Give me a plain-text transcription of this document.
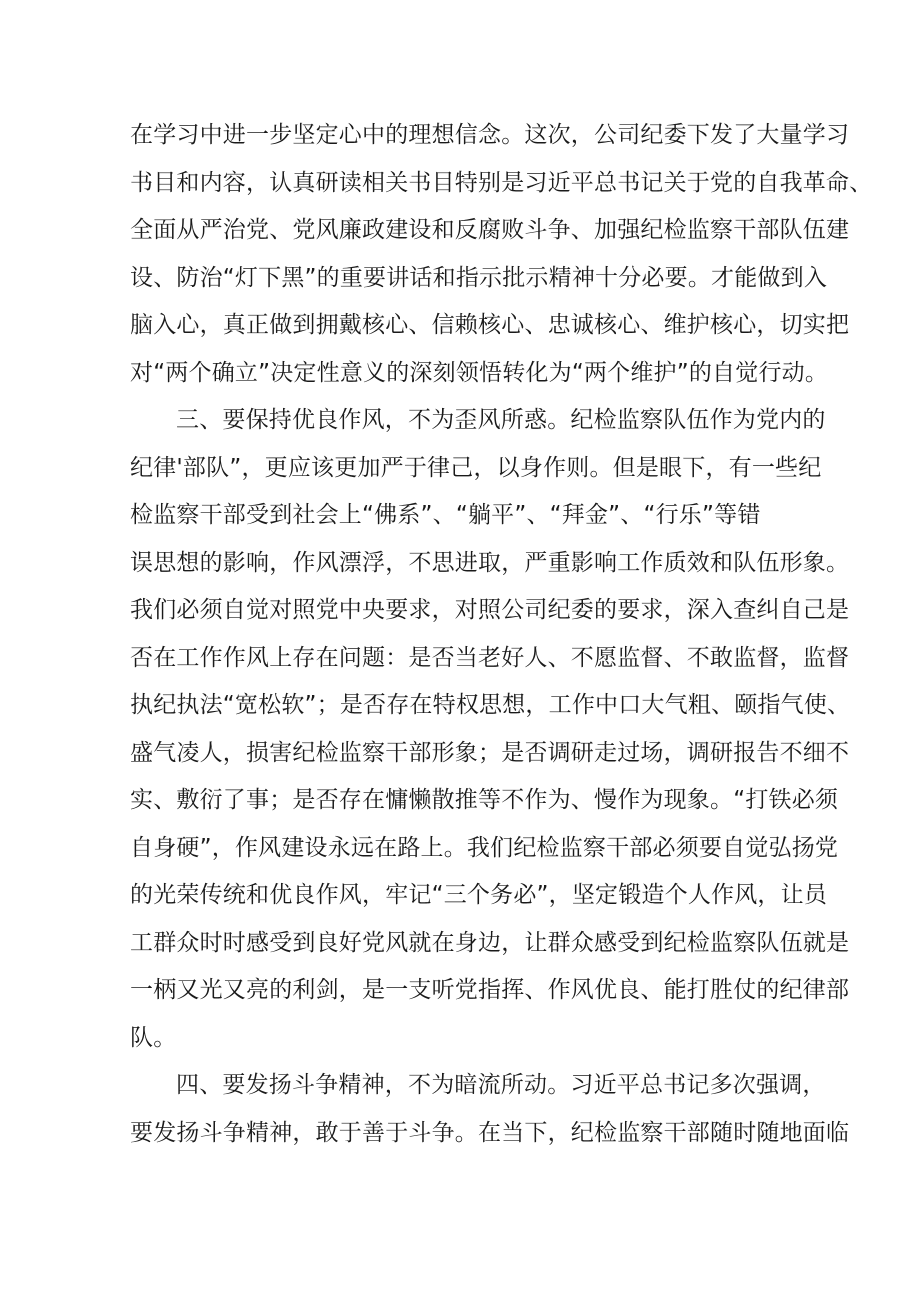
在学习中进一步坚定心中的理想信念。这次，公司纪委下发了大量学习
书目和内容，认真研读相关书目特别是习近平总书记关于党的自我革命、
全面从严治党、党风廉政建设和反腐败斗争、加强纪检监察干部队伍建
设、防治“灯下黑”的重要讲话和指示批示精神十分必要。才能做到入
脑入心，真正做到拥戴核心、信赖核心、忠诚核心、维护核心，切实把
对“两个确立”决定性意义的深刻领悟转化为“两个维护”的自觉行动。
三、要保持优良作风，不为歪风所惑。纪检监察队伍作为党内的
纪律'部队”，更应该更加严于律己，以身作则。但是眼下，有一些纪
检监察干部受到社会上“佛系”、“躺平”、“拜金”、“行乐”等错
误思想的影响，作风漂浮，不思进取，严重影响工作质效和队伍形象。
我们必须自觉对照党中央要求，对照公司纪委的要求，深入查纠自己是
否在工作作风上存在问题：是否当老好人、不愿监督、不敢监督，监督
执纪执法“宽松软”；是否存在特权思想，工作中口大气粗、颐指气使、
盛气凌人，损害纪检监察干部形象；是否调研走过场，调研报告不细不
实、敷衍了事；是否存在慵懒散推等不作为、慢作为现象。“打铁必须
自身硬”，作风建设永远在路上。我们纪检监察干部必须要自觉弘扬党
的光荣传统和优良作风，牢记“三个务必”，坚定锻造个人作风，让员
工群众时时感受到良好党风就在身边，让群众感受到纪检监察队伍就是
一柄又光又亮的利剑，是一支听党指挥、作风优良、能打胜仗的纪律部
队。
四、要发扬斗争精神，不为暗流所动。习近平总书记多次强调，
要发扬斗争精神，敢于善于斗争。在当下，纪检监察干部随时随地面临
